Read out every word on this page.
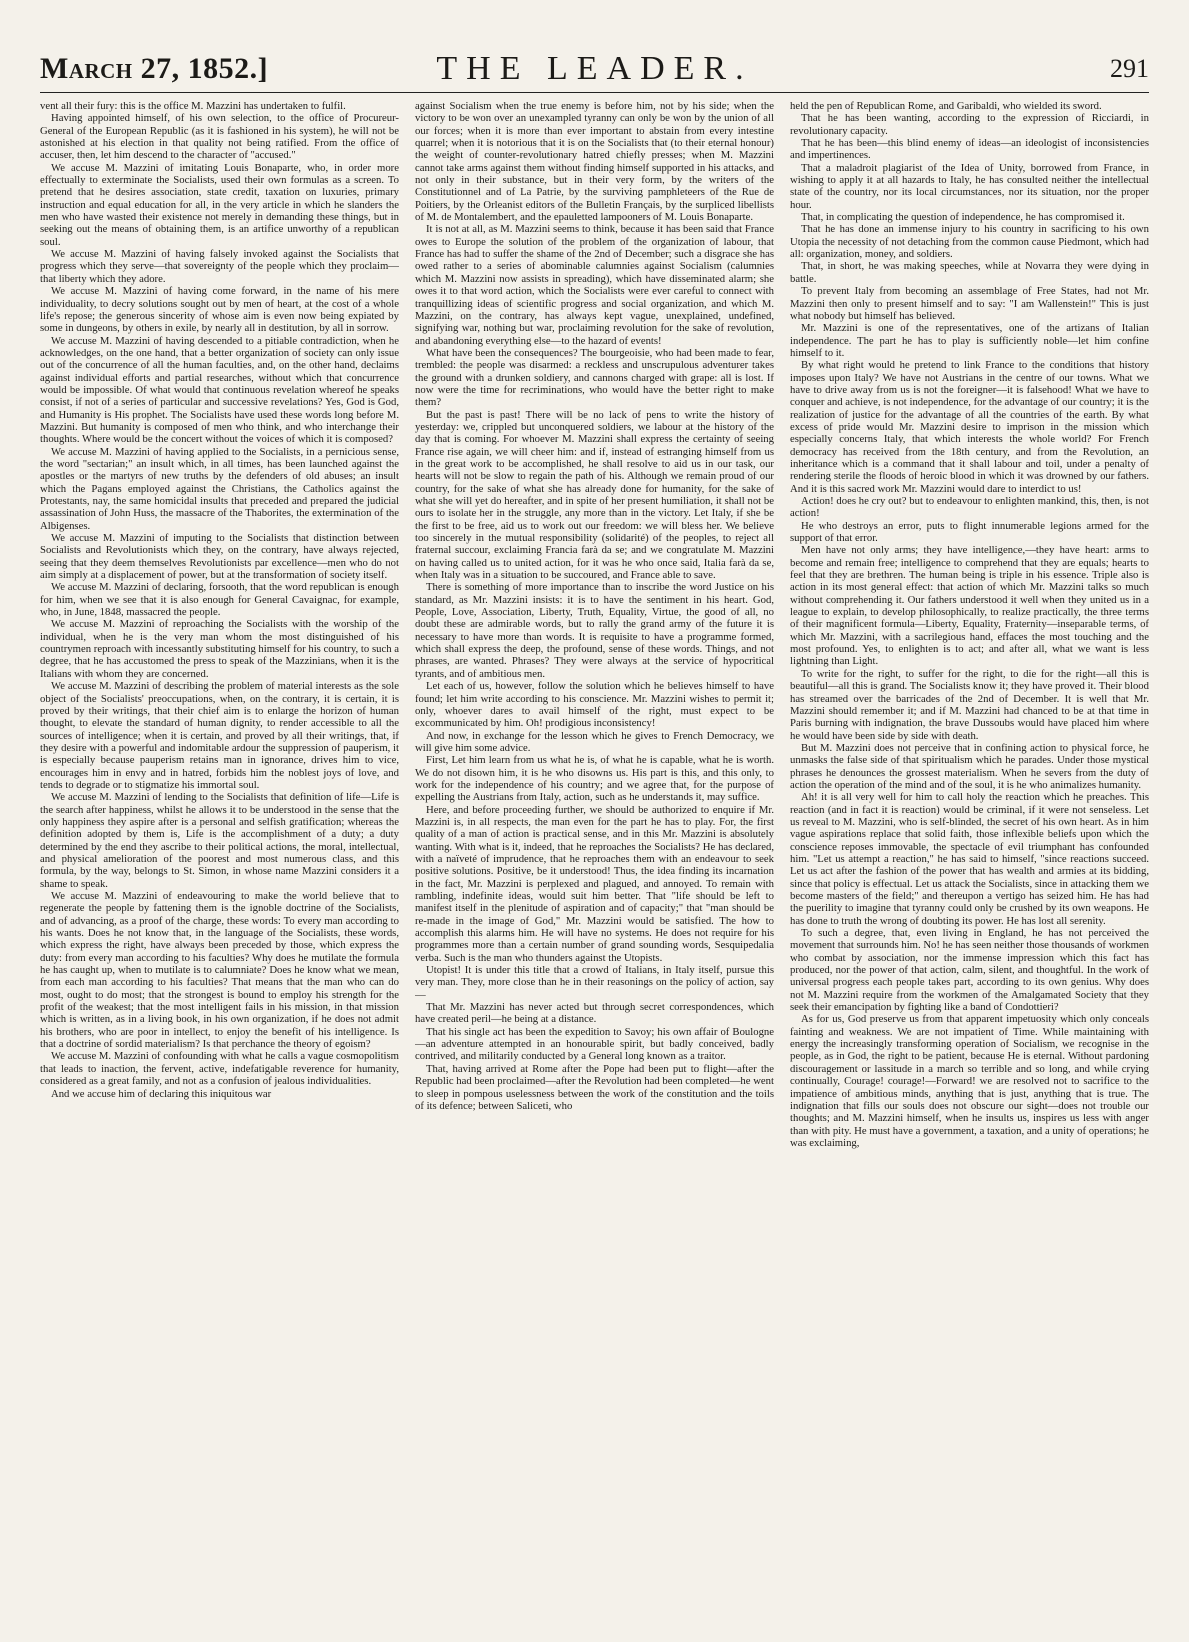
March 27, 1852.]	THE LEADER.	291

vent all their fury: this is the office M. Mazzini has undertaken to fulfil.

Having appointed himself, of his own selection, to the office of Procureur-General of the European Republic (as it is fashioned in his system), he will not be astonished at his election in that quality not being ratified. From the office of accuser, then, let him descend to the character of "accused."

We accuse M. Mazzini of imitating Louis Bonaparte, who, in order more effectually to exterminate the Socialists, used their own formulas as a screen. To pretend that he desires association, state credit, taxation on luxuries, primary instruction and equal education for all, in the very article in which he slanders the men who have wasted their existence not merely in demanding these things, but in seeking out the means of obtaining them, is an artifice unworthy of a republican soul.

We accuse M. Mazzini of having falsely invoked against the Socialists that progress which they serve—that sovereignty of the people which they proclaim—that liberty which they adore.

We accuse M. Mazzini of having come forward, in the name of his mere individuality, to decry solutions sought out by men of heart, at the cost of a whole life's repose; the generous sincerity of whose aim is even now being expiated by some in dungeons, by others in exile, by nearly all in destitution, by all in sorrow.

We accuse M. Mazzini of having descended to a pitiable contradiction, when he acknowledges, on the one hand, that a better organization of society can only issue out of the concurrence of all the human faculties, and, on the other hand, declaims against individual efforts and partial researches, without which that concurrence would be impossible. Of what would that continuous revelation whereof he speaks consist, if not of a series of particular and successive revelations? Yes, God is God, and Humanity is His prophet. The Socialists have used these words long before M. Mazzini. But humanity is composed of men who think, and who interchange their thoughts. Where would be the concert without the voices of which it is composed?

We accuse M. Mazzini of having applied to the Socialists, in a pernicious sense, the word "sectarian;" an insult which, in all times, has been launched against the apostles or the martyrs of new truths by the defenders of old abuses; an insult which the Pagans employed against the Christians, the Catholics against the Protestants, nay, the same homicidal insults that preceded and prepared the judicial assassination of John Huss, the massacre of the Thaborites, the extermination of the Albigenses.

We accuse M. Mazzini of imputing to the Socialists that distinction between Socialists and Revolutionists which they, on the contrary, have always rejected, seeing that they deem themselves Revolutionists par excellence—men who do not aim simply at a displacement of power, but at the transformation of society itself.

We accuse M. Mazzini of declaring, forsooth, that the word republican is enough for him, when we see that it is also enough for General Cavaignac, for example, who, in June, 1848, massacred the people.

We accuse M. Mazzini of reproaching the Socialists with the worship of the individual, when he is the very man whom the most distinguished of his countrymen reproach with incessantly substituting himself for his country, to such a degree, that he has accustomed the press to speak of the Mazzinians, when it is the Italians with whom they are concerned.

We accuse M. Mazzini of describing the problem of material interests as the sole object of the Socialists' preoccupations, when, on the contrary, it is certain, it is proved by their writings, that their chief aim is to enlarge the horizon of human thought, to elevate the standard of human dignity, to render accessible to all the sources of intelligence; when it is certain, and proved by all their writings, that, if they desire with a powerful and indomitable ardour the suppression of pauperism, it is especially because pauperism retains man in ignorance, drives him to vice, encourages him in envy and in hatred, forbids him the noblest joys of love, and tends to degrade or to stigmatize his immortal soul.

We accuse M. Mazzini of lending to the Socialists that definition of life—Life is the search after happiness, whilst he allows it to be understood in the sense that the only happiness they aspire after is a personal and selfish gratification; whereas the definition adopted by them is, Life is the accomplishment of a duty; a duty determined by the end they ascribe to their political actions, the moral, intellectual, and physical amelioration of the poorest and most numerous class, and this formula, by the way, belongs to St. Simon, in whose name Mazzini considers it a shame to speak.

We accuse M. Mazzini of endeavouring to make the world believe that to regenerate the people by fattening them is the ignoble doctrine of the Socialists, and of advancing, as a proof of the charge, these words: To every man according to his wants. Does he not know that, in the language of the Socialists, these words, which express the right, have always been preceded by those, which express the duty: from every man according to his faculties? Why does he mutilate the formula he has caught up, when to mutilate is to calumniate? Does he know what we mean, from each man according to his faculties? That means that the man who can do most, ought to do most; that the strongest is bound to employ his strength for the profit of the weakest; that the most intelligent fails in his mission, in that mission which is written, as in a living book, in his own organization, if he does not admit his brothers, who are poor in intellect, to enjoy the benefit of his intelligence. Is that a doctrine of sordid materialism? Is that perchance the theory of egoism?

We accuse M. Mazzini of confounding with what he calls a vague cosmopolitism that leads to inaction, the fervent, active, indefatigable reverence for humanity, considered as a great family, and not as a confusion of jealous individualities.

And we accuse him of declaring this iniquitous war

against Socialism when the true enemy is before him, not by his side; when the victory to be won over an unexampled tyranny can only be won by the union of all our forces; when it is more than ever important to abstain from every intestine quarrel; when it is notorious that it is on the Socialists that (to their eternal honour) the weight of counter-revolutionary hatred chiefly presses; when M. Mazzini cannot take arms against them without finding himself supported in his attacks, and not only in their substance, but in their very form, by the writers of the Constitutionnel and of La Patrie, by the surviving pamphleteers of the Rue de Poitiers, by the Orleanist editors of the Bulletin Français, by the surpliced libellists of M. de Montalembert, and the epauletted lampooners of M. Louis Bonaparte.

It is not at all, as M. Mazzini seems to think, because it has been said that France owes to Europe the solution of the problem of the organization of labour, that France has had to suffer the shame of the 2nd of December; such a disgrace she has owed rather to a series of abominable calumnies against Socialism (calumnies which M. Mazzini now assists in spreading), which have disseminated alarm; she owes it to that word action, which the Socialists were ever careful to connect with tranquillizing ideas of scientific progress and social organization, and which M. Mazzini, on the contrary, has always kept vague, unexplained, undefined, signifying war, nothing but war, proclaiming revolution for the sake of revolution, and abandoning everything else—to the hazard of events!

What have been the consequences? The bourgeoisie, who had been made to fear, trembled: the people was disarmed: a reckless and unscrupulous adventurer takes the ground with a drunken soldiery, and cannons charged with grape: all is lost. If now were the time for recriminations, who would have the better right to make them?

But the past is past! There will be no lack of pens to write the history of yesterday: we, crippled but unconquered soldiers, we labour at the history of the day that is coming. For whoever M. Mazzini shall express the certainty of seeing France rise again, we will cheer him: and if, instead of estranging himself from us in the great work to be accomplished, he shall resolve to aid us in our task, our hearts will not be slow to regain the path of his. Although we remain proud of our country, for the sake of what she has already done for humanity, for the sake of what she will yet do hereafter, and in spite of her present humiliation, it shall not be ours to isolate her in the struggle, any more than in the victory. Let Italy, if she be the first to be free, aid us to work out our freedom: we will bless her. We believe too sincerely in the mutual responsibility (solidarité) of the peoples, to reject all fraternal succour, exclaiming Francia farà da se; and we congratulate M. Mazzini on having called us to united action, for it was he who once said, Italia farà da se, when Italy was in a situation to be succoured, and France able to save.

There is something of more importance than to inscribe the word Justice on his standard, as Mr. Mazzini insists: it is to have the sentiment in his heart. God, People, Love, Association, Liberty, Truth, Equality, Virtue, the good of all, no doubt these are admirable words, but to rally the grand army of the future it is necessary to have more than words. It is requisite to have a programme formed, which shall express the deep, the profound, sense of these words. Things, and not phrases, are wanted. Phrases? They were always at the service of hypocritical tyrants, and of ambitious men.

Let each of us, however, follow the solution which he believes himself to have found; let him write according to his conscience. Mr. Mazzini wishes to permit it; only, whoever dares to avail himself of the right, must expect to be excommunicated by him. Oh! prodigious inconsistency!

And now, in exchange for the lesson which he gives to French Democracy, we will give him some advice.

First, Let him learn from us what he is, of what he is capable, what he is worth. We do not disown him, it is he who disowns us. His part is this, and this only, to work for the independence of his country; and we agree that, for the purpose of expelling the Austrians from Italy, action, such as he understands it, may suffice.

Here, and before proceeding further, we should be authorized to enquire if Mr. Mazzini is, in all respects, the man even for the part he has to play. For, the first quality of a man of action is practical sense, and in this Mr. Mazzini is absolutely wanting. With what is it, indeed, that he reproaches the Socialists? He has declared, with a naïveté of imprudence, that he reproaches them with an endeavour to seek positive solutions. Positive, be it understood! Thus, the idea finding its incarnation in the fact, Mr. Mazzini is perplexed and plagued, and annoyed. To remain with rambling, indefinite ideas, would suit him better. That "life should be left to manifest itself in the plenitude of aspiration and of capacity;" that "man should be re-made in the image of God," Mr. Mazzini would be satisfied. The how to accomplish this alarms him. He will have no systems. He does not require for his programmes more than a certain number of grand sounding words, Sesquipedalia verba. Such is the man who thunders against the Utopists.

Utopist! It is under this title that a crowd of Italians, in Italy itself, pursue this very man. They, more close than he in their reasonings on the policy of action, say—

That Mr. Mazzini has never acted but through secret correspondences, which have created peril—he being at a distance.

That his single act has been the expedition to Savoy; his own affair of Boulogne—an adventure attempted in an honourable spirit, but badly conceived, badly contrived, and militarily conducted by a General long known as a traitor.

That, having arrived at Rome after the Pope had been put to flight—after the Republic had been proclaimed—after the Revolution had been completed—he went to sleep in pompous uselessness between the work of the constitution and the toils of its defence; between Saliceti, who

held the pen of Republican Rome, and Garibaldi, who wielded its sword.

That he has been wanting, according to the expression of Ricciardi, in revolutionary capacity.

That he has been—this blind enemy of ideas—an ideologist of inconsistencies and impertinences.

That a maladroit plagiarist of the Idea of Unity, borrowed from France, in wishing to apply it at all hazards to Italy, he has consulted neither the intellectual state of the country, nor its local circumstances, nor its situation, nor the proper hour.

That, in complicating the question of independence, he has compromised it.

That he has done an immense injury to his country in sacrificing to his own Utopia the necessity of not detaching from the common cause Piedmont, which had all: organization, money, and soldiers.

That, in short, he was making speeches, while at Novarra they were dying in battle.

To prevent Italy from becoming an assemblage of Free States, had not Mr. Mazzini then only to present himself and to say: "I am Wallenstein!" This is just what nobody but himself has believed.

Mr. Mazzini is one of the representatives, one of the artizans of Italian independence. The part he has to play is sufficiently noble—let him confine himself to it.

By what right would he pretend to link France to the conditions that history imposes upon Italy? We have not Austrians in the centre of our towns. What we have to drive away from us is not the foreigner—it is falsehood! What we have to conquer and achieve, is not independence, for the advantage of our country; it is the realization of justice for the advantage of all the countries of the earth. By what excess of pride would Mr. Mazzini desire to imprison in the mission which especially concerns Italy, that which interests the whole world? For French democracy has received from the 18th century, and from the Revolution, an inheritance which is a command that it shall labour and toil, under a penalty of rendering sterile the floods of heroic blood in which it was drowned by our fathers. And it is this sacred work Mr. Mazzini would dare to interdict to us!

Action! does he cry out? but to endeavour to enlighten mankind, this, then, is not action!

He who destroys an error, puts to flight innumerable legions armed for the support of that error.

Men have not only arms; they have intelligence,—they have heart: arms to become and remain free; intelligence to comprehend that they are equals; hearts to feel that they are brethren. The human being is triple in his essence. Triple also is action in its most general effect: that action of which Mr. Mazzini talks so much without comprehending it. Our fathers understood it well when they united us in a league to explain, to develop philosophically, to realize practically, the three terms of their magnificent formula—Liberty, Equality, Fraternity—inseparable terms, of which Mr. Mazzini, with a sacrilegious hand, effaces the most touching and the most profound. Yes, to enlighten is to act; and after all, what we want is less lightning than Light.

To write for the right, to suffer for the right, to die for the right—all this is beautiful—all this is grand. The Socialists know it; they have proved it. Their blood has streamed over the barricades of the 2nd of December. It is well that Mr. Mazzini should remember it; and if M. Mazzini had chanced to be at that time in Paris burning with indignation, the brave Dussoubs would have placed him where he would have been side by side with death.

But M. Mazzini does not perceive that in confining action to physical force, he unmasks the false side of that spiritualism which he parades. Under those mystical phrases he denounces the grossest materialism. When he severs from the duty of action the operation of the mind and of the soul, it is he who animalizes humanity.

Ah! it is all very well for him to call holy the reaction which he preaches. This reaction (and in fact it is reaction) would be criminal, if it were not senseless. Let us reveal to M. Mazzini, who is self-blinded, the secret of his own heart. As in him vague aspirations replace that solid faith, those inflexible beliefs upon which the conscience reposes immovable, the spectacle of evil triumphant has confounded him. "Let us attempt a reaction," he has said to himself, "since reactions succeed. Let us act after the fashion of the power that has wealth and armies at its bidding, since that policy is effectual. Let us attack the Socialists, since in attacking them we become masters of the field;" and thereupon a vertigo has seized him. He has had the puerility to imagine that tyranny could only be crushed by its own weapons. He has done to truth the wrong of doubting its power. He has lost all serenity.

To such a degree, that, even living in England, he has not perceived the movement that surrounds him. No! he has seen neither those thousands of workmen who combat by association, nor the immense impression which this fact has produced, nor the power of that action, calm, silent, and thoughtful. In the work of universal progress each people takes part, according to its own genius. Why does not M. Mazzini require from the workmen of the Amalgamated Society that they seek their emancipation by fighting like a band of Condottieri?

As for us, God preserve us from that apparent impetuosity which only conceals fainting and weakness. We are not impatient of Time. While maintaining with energy the increasingly transforming operation of Socialism, we recognise in the people, as in God, the right to be patient, because He is eternal. Without pardoning discouragement or lassitude in a march so terrible and so long, and while crying continually, Courage! courage!—Forward! we are resolved not to sacrifice to the impatience of ambitious minds, anything that is just, anything that is true. The indignation that fills our souls does not obscure our sight—does not trouble our thoughts; and M. Mazzini himself, when he insults us, inspires us less with anger than with pity. He must have a government, a taxation, and a unity of operations; he was exclaiming,
